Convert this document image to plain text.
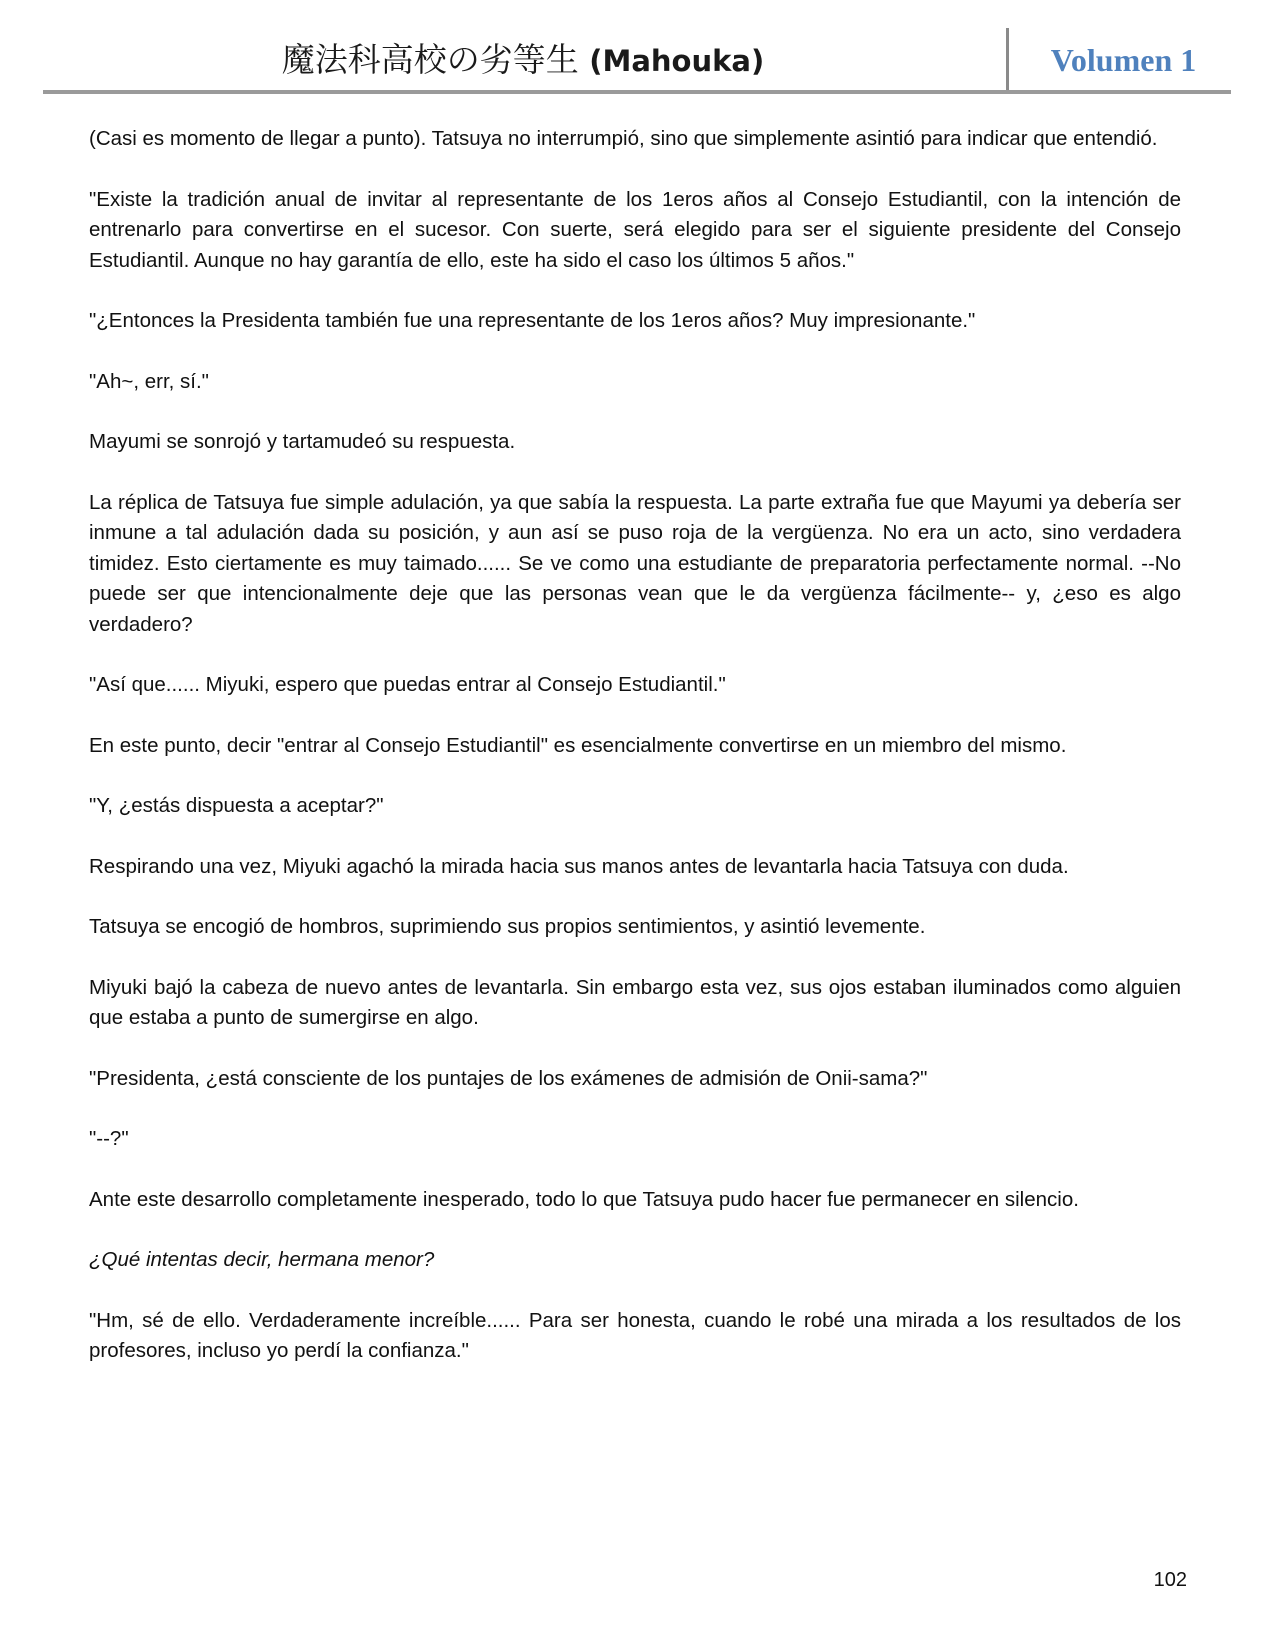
魔法科高校の劣等生 (Mahouka)	Volumen 1

(Casi es momento de llegar a punto). Tatsuya no interrumpió, sino que simplemente asintió para indicar que entendió.

"Existe la tradición anual de invitar al representante de los 1eros años al Consejo Estudiantil, con la intención de entrenarlo para convertirse en el sucesor. Con suerte, será elegido para ser el siguiente presidente del Consejo Estudiantil. Aunque no hay garantía de ello, este ha sido el caso los últimos 5 años."

"¿Entonces la Presidenta también fue una representante de los 1eros años? Muy impresionante."

"Ah~, err, sí."

Mayumi se sonrojó y tartamudeó su respuesta.

La réplica de Tatsuya fue simple adulación, ya que sabía la respuesta. La parte extraña fue que Mayumi ya debería ser inmune a tal adulación dada su posición, y aun así se puso roja de la vergüenza. No era un acto, sino verdadera timidez. Esto ciertamente es muy taimado...... Se ve como una estudiante de preparatoria perfectamente normal. --No puede ser que intencionalmente deje que las personas vean que le da vergüenza fácilmente-- y, ¿eso es algo verdadero?

"Así que...... Miyuki, espero que puedas entrar al Consejo Estudiantil."

En este punto, decir "entrar al Consejo Estudiantil" es esencialmente convertirse en un miembro del mismo.

"Y, ¿estás dispuesta a aceptar?"

Respirando una vez, Miyuki agachó la mirada hacia sus manos antes de levantarla hacia Tatsuya con duda.

Tatsuya se encogió de hombros, suprimiendo sus propios sentimientos, y asintió levemente.

Miyuki bajó la cabeza de nuevo antes de levantarla. Sin embargo esta vez, sus ojos estaban iluminados como alguien que estaba a punto de sumergirse en algo.

"Presidenta, ¿está consciente de los puntajes de los exámenes de admisión de Onii-sama?"

"--?"

Ante este desarrollo completamente inesperado, todo lo que Tatsuya pudo hacer fue permanecer en silencio.

¿Qué intentas decir, hermana menor?

"Hm, sé de ello. Verdaderamente increíble...... Para ser honesta, cuando le robé una mirada a los resultados de los profesores, incluso yo perdí la confianza."

102
